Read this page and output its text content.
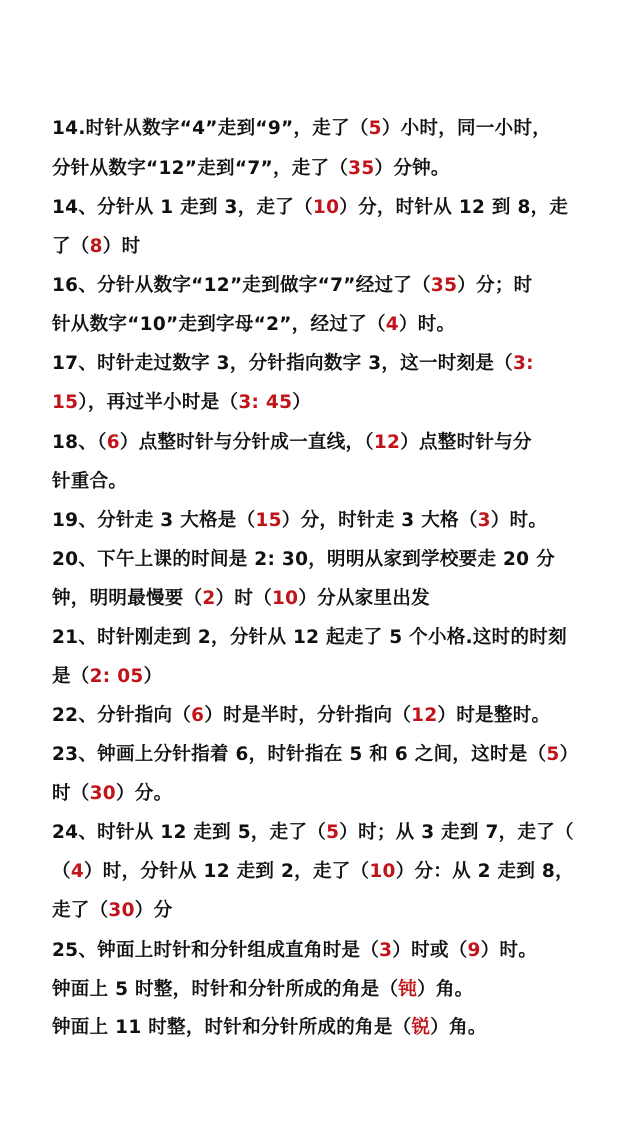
14.时针从数字“4”走到“9”，走了（5）小时，同一小时，
分针从数字“12”走到“7”，走了（35）分钟。
14、分针从 1 走到 3，走了（10）分，时针从 12 到 8，走
了（8）时
16、分针从数字“12”走到做字“7”经过了（35）分；时
针从数字“10”走到字母“2”，经过了（4）时。
17、时针走过数字 3，分针指向数字 3，这一时刻是（3:
15），再过半小时是（3: 45）
18、（6）点整时针与分针成一直线，（12）点整时针与分
针重合。
19、分针走 3 大格是（15）分，时针走 3 大格（3）时。
20、下午上课的时间是 2: 30，明明从家到学校要走 20 分
钟，明明最慢要（2）时（10）分从家里出发
21、时针刚走到 2，分针从 12 起走了 5 个小格.这时的时刻
是（2: 05）
22、分针指向（6）时是半时，分针指向（12）时是整时。
23、钟画上分针指着 6，时针指在 5 和 6 之间，这时是（5）
时（30）分。
24、时针从 12 走到 5，走了（5）时；从 3 走到 7，走了（
（4）时，分针从 12 走到 2，走了（10）分：从 2 走到 8，
走了（30）分
25、钟面上时针和分针组成直角时是（3）时或（9）时。
钟面上 5 时整，时针和分针所成的角是（钝）角。
钟面上 11 时整，时针和分针所成的角是（锐）角。
